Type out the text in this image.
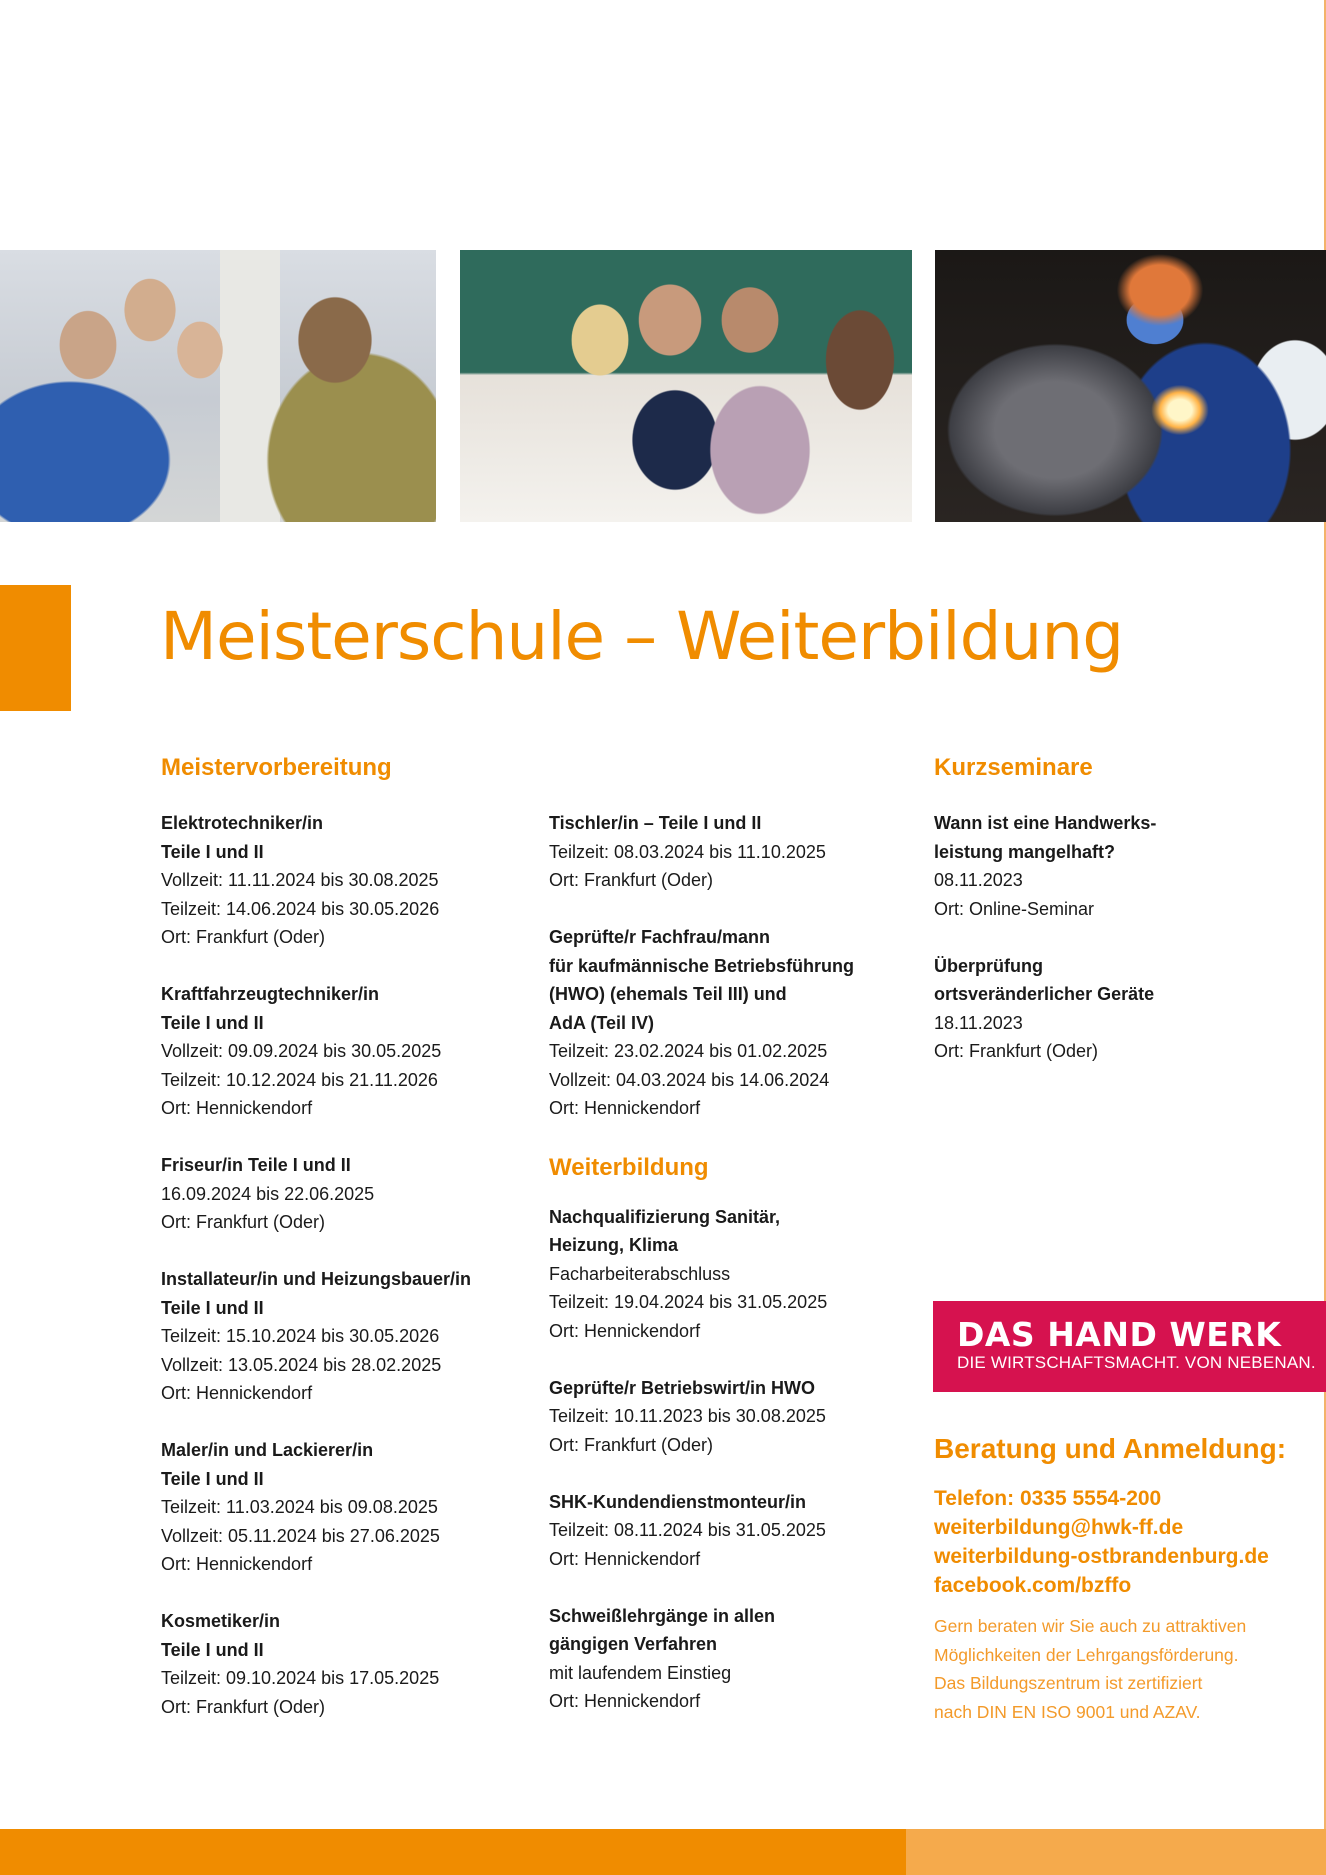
Meisterschule – Weiterbildung
Meistervorbereitung
Elektrotechniker/in
Teile I und II
Vollzeit: 11.11.2024 bis 30.08.2025
Teilzeit: 14.06.2024 bis 30.05.2026
Ort: Frankfurt (Oder)
Kraftfahrzeugtechniker/in
Teile I und II
Vollzeit: 09.09.2024 bis 30.05.2025
Teilzeit: 10.12.2024 bis 21.11.2026
Ort: Hennickendorf
Friseur/in Teile I und II
16.09.2024 bis 22.06.2025
Ort: Frankfurt (Oder)
Installateur/in und Heizungsbauer/in
Teile I und II
Teilzeit: 15.10.2024 bis 30.05.2026
Vollzeit: 13.05.2024 bis 28.02.2025
Ort: Hennickendorf
Maler/in und Lackierer/in
Teile I und II
Teilzeit: 11.03.2024 bis 09.08.2025
Vollzeit: 05.11.2024 bis 27.06.2025
Ort: Hennickendorf
Kosmetiker/in
Teile I und II
Teilzeit: 09.10.2024 bis 17.05.2025
Ort: Frankfurt (Oder)
Tischler/in – Teile I und II
Teilzeit: 08.03.2024 bis 11.10.2025
Ort: Frankfurt (Oder)
Geprüfte/r Fachfrau/mann
für kaufmännische Betriebsführung
(HWO) (ehemals Teil III) und
AdA (Teil IV)
Teilzeit: 23.02.2024 bis 01.02.2025
Vollzeit: 04.03.2024 bis 14.06.2024
Ort: Hennickendorf
Weiterbildung
Nachqualifizierung Sanitär,
Heizung, Klima
Facharbeiterabschluss
Teilzeit: 19.04.2024 bis 31.05.2025
Ort: Hennickendorf
Geprüfte/r Betriebswirt/in HWO
Teilzeit: 10.11.2023 bis 30.08.2025
Ort: Frankfurt (Oder)
SHK-Kundendienstmonteur/in
Teilzeit: 08.11.2024 bis 31.05.2025
Ort: Hennickendorf
Schweißlehrgänge in allen
gängigen Verfahren
mit laufendem Einstieg
Ort: Hennickendorf
Kurzseminare
Wann ist eine Handwerks-
leistung mangelhaft?
08.11.2023
Ort: Online-Seminar
Überprüfung
ortsveränderlicher Geräte
18.11.2023
Ort: Frankfurt (Oder)
DAS HAND WERK
DIE WIRTSCHAFTSMACHT. VON NEBENAN.
Beratung und Anmeldung:
Telefon: 0335 5554-200
weiterbildung@hwk-ff.de
weiterbildung-ostbrandenburg.de
facebook.com/bzffo
Gern beraten wir Sie auch zu attraktiven
Möglichkeiten der Lehrgangsförderung.
Das Bildungszentrum ist zertifiziert
nach DIN EN ISO 9001 und AZAV.
